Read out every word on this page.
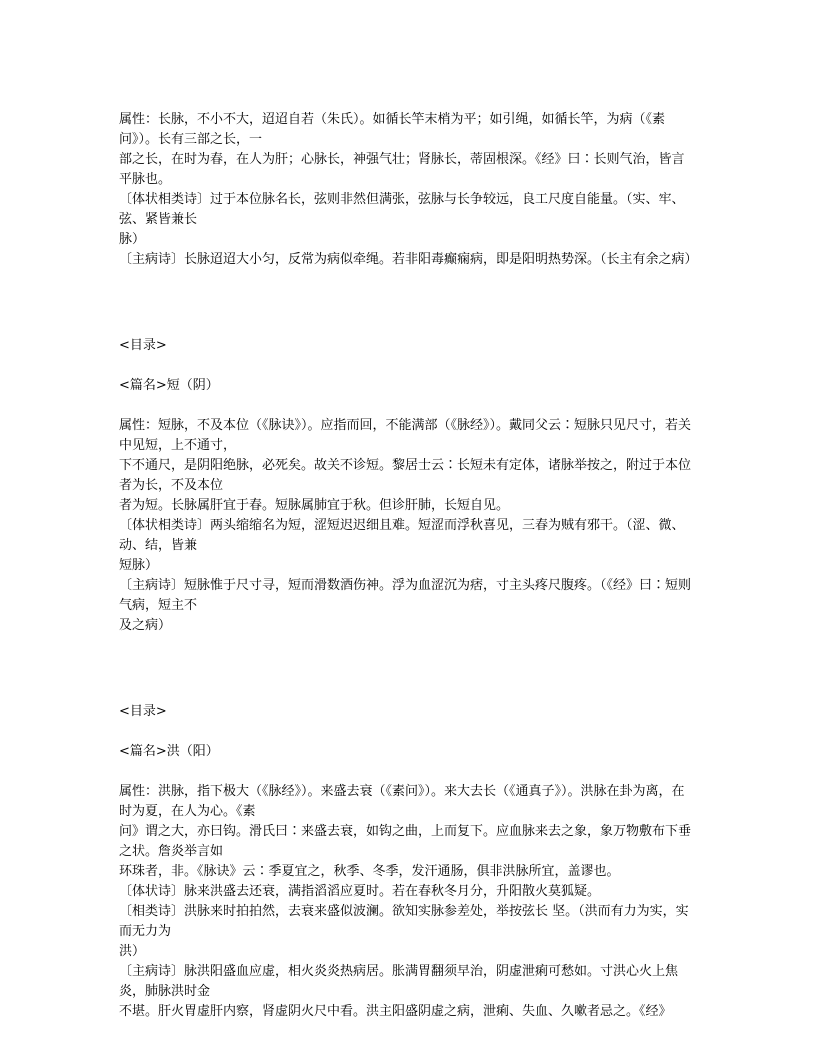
属性：长脉，不小不大，迢迢自若（朱氏）。如循长竿末梢为平；如引绳，如循长竿，为病（《素问》）。长有三部之长，一

部之长，在时为春，在人为肝；心脉长，神强气壮；肾脉长，蒂固根深。《经》曰∶长则气治，皆言平脉也。

〔体状相类诗〕过于本位脉名长，弦则非然但满张，弦脉与长争较远，良工尺度自能量。（实、牢、弦、紧皆兼长

脉）

〔主病诗〕长脉迢迢大小匀，反常为病似牵绳。若非阳毒癫痫病，即是阳明热势深。（长主有余之病）

<目录>

<篇名>短（阴）

属性：短脉，不及本位（《脉诀》）。应指而回，不能满部（《脉经》）。戴同父云∶短脉只见尺寸，若关中见短，上不通寸，

下不通尺，是阴阳绝脉，必死矣。故关不诊短。黎居士云∶长短未有定体，诸脉举按之，附过于本位者为长，不及本位

者为短。长脉属肝宜于春。短脉属肺宜于秋。但诊肝肺，长短自见。

〔体状相类诗〕两头缩缩名为短，涩短迟迟细且难。短涩而浮秋喜见，三春为贼有邪干。（涩、微、动、结，皆兼

短脉）

〔主病诗〕短脉惟于尺寸寻，短而滑数酒伤神。浮为血涩沉为痞，寸主头疼尺腹疼。（《经》曰∶短则气病，短主不

及之病）

<目录>

<篇名>洪（阳）

属性：洪脉，指下极大（《脉经》）。来盛去衰（《素问》）。来大去长（《通真子》）。洪脉在卦为离，在时为夏，在人为心。《素

问》谓之大，亦曰钩。滑氏曰∶来盛去衰，如钩之曲，上而复下。应血脉来去之象，象万物敷布下垂之状。詹炎举言如

环珠者，非。《脉诀》云∶季夏宜之，秋季、冬季，发汗通肠，俱非洪脉所宜，盖谬也。

〔体状诗〕脉来洪盛去还衰，满指滔滔应夏时。若在春秋冬月分，升阳散火莫狐疑。

〔相类诗〕洪脉来时拍拍然，去衰来盛似波澜。欲知实脉参差处，举按弦长 坚。（洪而有力为实，实而无力为

洪）

〔主病诗〕脉洪阳盛血应虚，相火炎炎热病居。胀满胃翻须早治，阴虚泄痢可愁如。寸洪心火上焦炎，肺脉洪时金

不堪。肝火胃虚肝内察，肾虚阴火尺中看。洪主阳盛阴虚之病，泄痢、失血、久嗽者忌之。《经》
